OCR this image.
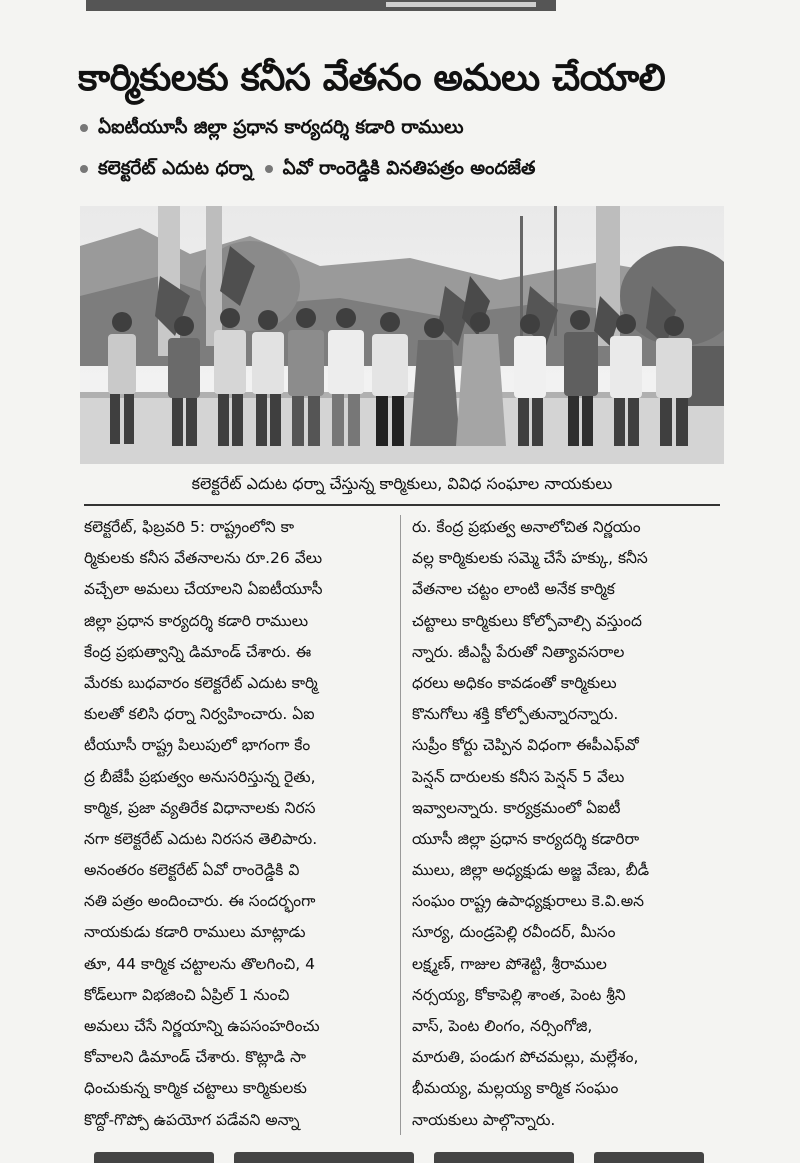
కార్మికులకు కనీస వేతనం అమలు చేయాలి
ఏఐటీయూసీ జిల్లా ప్రధాన కార్యదర్శి కడారి రాములు
కలెక్టరేట్ ఎదుట ధర్నా ఏవో రాంరెడ్డికి వినతిపత్రం అందజేత
కలెక్టరేట్ ఎదుట ధర్నా చేస్తున్న కార్మికులు, వివిధ సంఘాల నాయకులు
కలెక్టరేట్, ఫిబ్రవరి 5: రాష్ట్రంలోని కా
ర్మికులకు కనీస వేతనాలను రూ.26 వేలు
వచ్చేలా అమలు చేయాలని ఏఐటీయూసీ
జిల్లా ప్రధాన కార్యదర్శి కడారి రాములు
కేంద్ర ప్రభుత్వాన్ని డిమాండ్ చేశారు. ఈ
మేరకు బుధవారం కలెక్టరేట్ ఎదుట కార్మి
కులతో కలిసి ధర్నా నిర్వహించారు. ఏఐ
టీయూసీ రాష్ట్ర పిలుపులో భాగంగా కేం
ద్ర బీజేపీ ప్రభుత్వం అనుసరిస్తున్న రైతు,
కార్మిక, ప్రజా వ్యతిరేక విధానాలకు నిరస
నగా కలెక్టరేట్ ఎదుట నిరసన తెలిపారు.
అనంతరం కలెక్టరేట్ ఏవో రాంరెడ్డికి వి
నతి పత్రం అందించారు. ఈ సందర్భంగా
నాయకుడు కడారి రాములు మాట్లాడు
తూ, 44 కార్మిక చట్టాలను తొలగించి, 4
కోడ్‌లుగా విభజించి ఏప్రిల్ 1 నుంచి
అమలు చేసే నిర్ణయాన్ని ఉపసంహరించు
కోవాలని డిమాండ్ చేశారు. కొట్లాడి సా
ధించుకున్న కార్మిక చట్టాలు కార్మికులకు
కొద్దో-గొప్పో ఉపయోగ పడేవని అన్నా
రు. కేంద్ర ప్రభుత్వ అనాలోచిత నిర్ణయం
వల్ల కార్మికులకు సమ్మె చేసే హక్కు, కనీస
వేతనాల చట్టం లాంటి అనేక కార్మిక
చట్టాలు కార్మికులు కోల్పోవాల్సి వస్తుంద
న్నారు. జీఎస్టీ పేరుతో నిత్యావసరాల
ధరలు అధికం కావడంతో కార్మికులు
కొనుగోలు శక్తి కోల్పోతున్నారన్నారు.
సుప్రీం కోర్టు చెప్పిన విధంగా ఈపీఎఫ్‌వో
పెన్షన్ దారులకు కనీస పెన్షన్ 5 వేలు
ఇవ్వాలన్నారు. కార్యక్రమంలో ఏఐటీ
యూసీ జిల్లా ప్రధాన కార్యదర్శి కడారిరా
ములు, జిల్లా అధ్యక్షుడు అజ్జ వేణు, బీడీ
సంఘం రాష్ట్ర ఉపాధ్యక్షురాలు కె.వి.అన
సూర్య, దుండ్రపెల్లి రవీందర్, మీసం
లక్ష్మణ్, గాజుల పోశెట్టి, శ్రీరాముల
నర్సయ్య, కోకాపెల్లి శాంత, పెంట శ్రీని
వాస్, పెంట లింగం, నర్సింగోజి,
మారుతి, పండుగ పోచమల్లు, మల్లేశం,
భీమయ్య, మల్లయ్య కార్మిక సంఘం
నాయకులు పాల్గొన్నారు.
